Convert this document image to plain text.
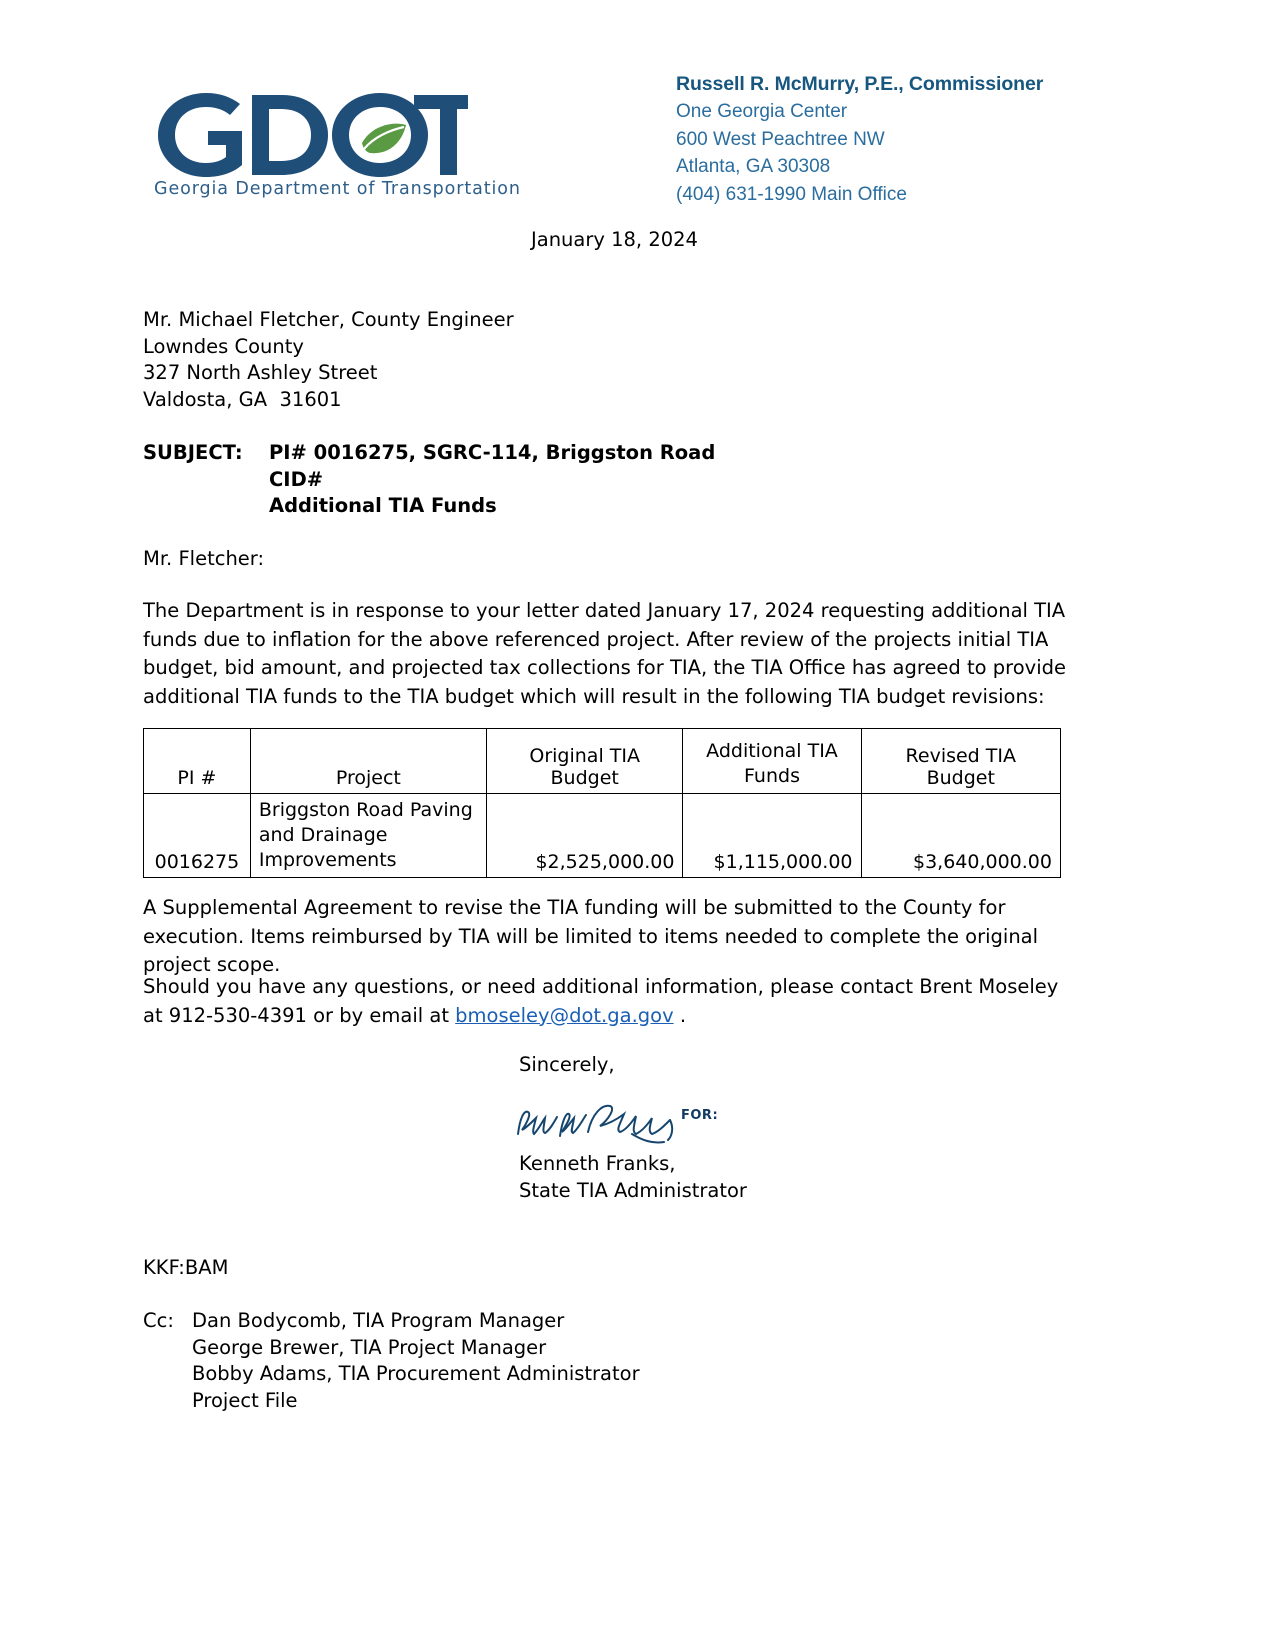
Georgia Department of Transportation
Russell R. McMurry, P.E., Commissioner
One Georgia Center
600 West Peachtree NW
Atlanta, GA 30308
(404) 631-1990 Main Office
January 18, 2024
Mr. Michael Fletcher, County Engineer
Lowndes County
327 North Ashley Street
Valdosta, GA  31601
SUBJECT: PI# 0016275, SGRC-114, Briggston Road
CID#
Additional TIA Funds
Mr. Fletcher:
The Department is in response to your letter dated January 17, 2024 requesting additional TIA funds due to inflation for the above referenced project. After review of the projects initial TIA budget, bid amount, and projected tax collections for TIA, the TIA Office has agreed to provide additional TIA funds to the TIA budget which will result in the following TIA budget revisions:
PI #	Project	Original TIA Budget	Additional TIA Funds	Revised TIA Budget
0016275	Briggston Road Paving and Drainage Improvements	$2,525,000.00	$1,115,000.00	$3,640,000.00
A Supplemental Agreement to revise the TIA funding will be submitted to the County for execution. Items reimbursed by TIA will be limited to items needed to complete the original project scope.
Should you have any questions, or need additional information, please contact Brent Moseley at 912-530-4391 or by email at bmoseley@dot.ga.gov .
Sincerely,
FOR:
Kenneth Franks,
State TIA Administrator
KKF:BAM
Cc: Dan Bodycomb, TIA Program Manager
George Brewer, TIA Project Manager
Bobby Adams, TIA Procurement Administrator
Project File
